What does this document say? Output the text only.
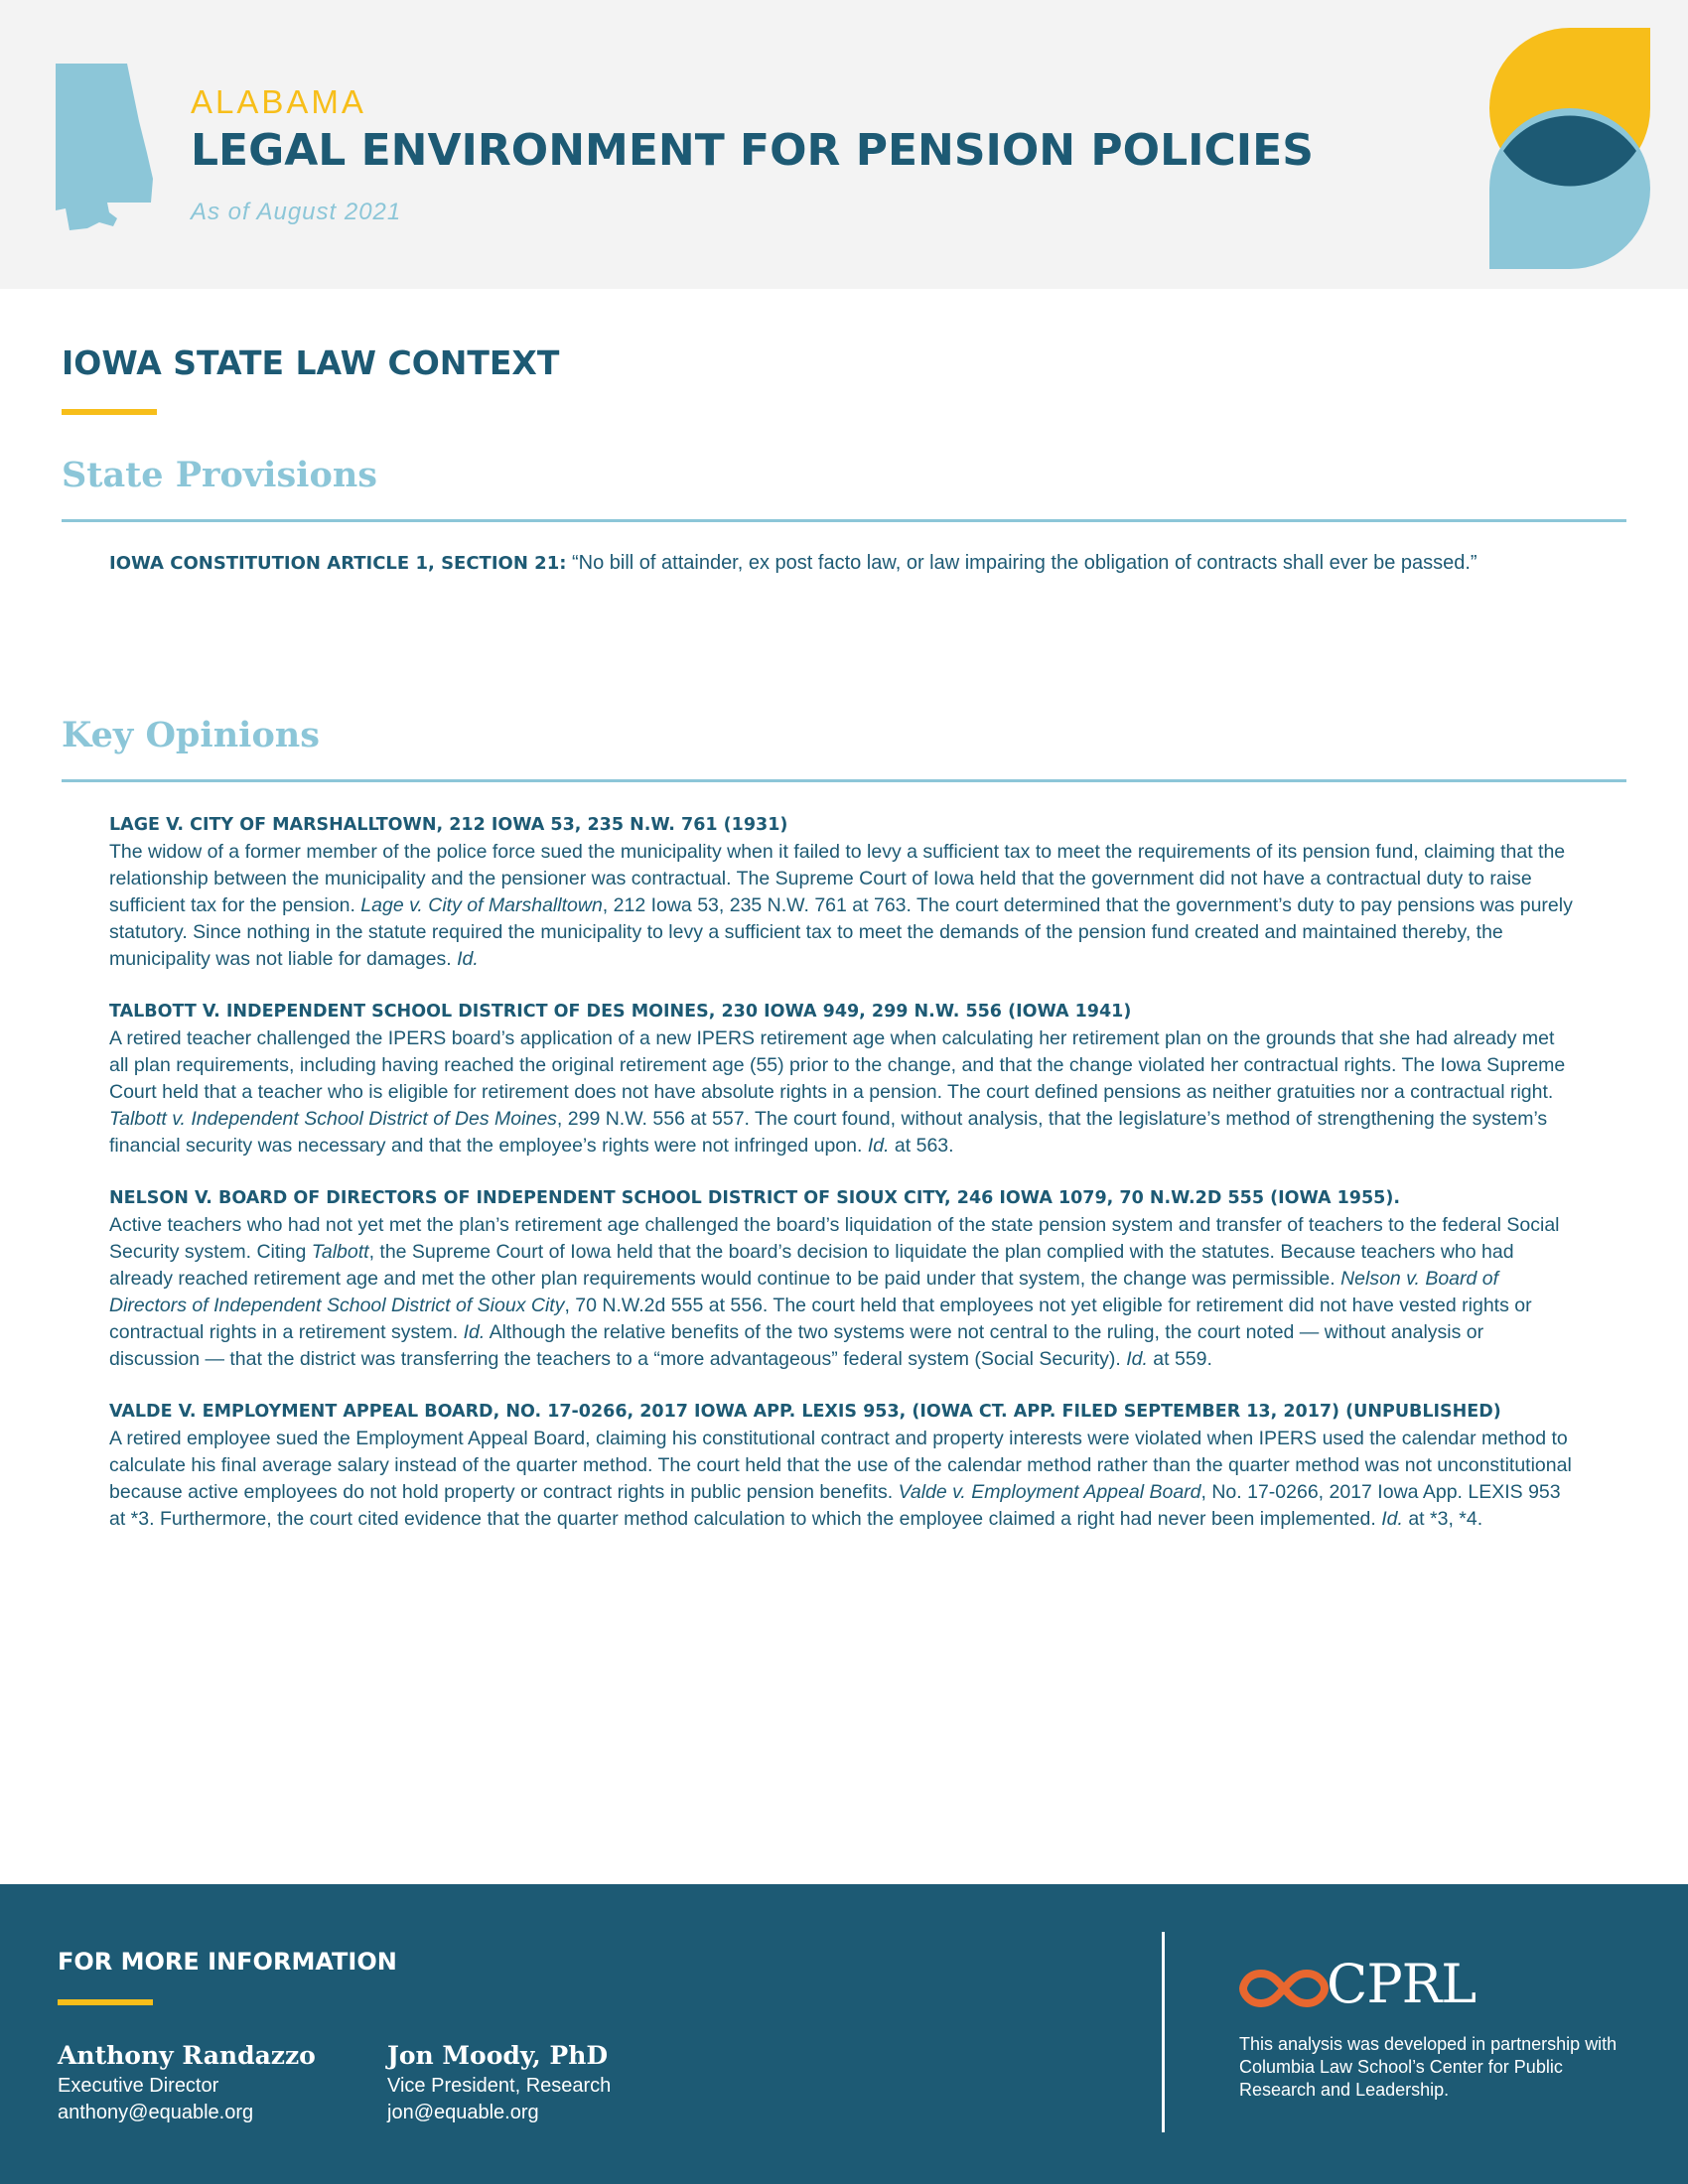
ALABAMA
LEGAL ENVIRONMENT FOR PENSION POLICIES
As of August 2021
IOWA STATE LAW CONTEXT
State Provisions
IOWA CONSTITUTION ARTICLE 1, SECTION 21: “No bill of attainder, ex post facto law, or law impairing the obligation of contracts shall ever be passed.”
Key Opinions
LAGE V. CITY OF MARSHALLTOWN, 212 IOWA 53, 235 N.W. 761 (1931)
The widow of a former member of the police force sued the municipality when it failed to levy a sufficient tax to meet the requirements of its pension fund, claiming that the relationship between the municipality and the pensioner was contractual. The Supreme Court of Iowa held that the government did not have a contractual duty to raise sufficient tax for the pension. Lage v. City of Marshalltown, 212 Iowa 53, 235 N.W. 761 at 763. The court determined that the government’s duty to pay pensions was purely statutory. Since nothing in the statute required the municipality to levy a sufficient tax to meet the demands of the pension fund created and maintained thereby, the municipality was not liable for damages. Id.
TALBOTT V. INDEPENDENT SCHOOL DISTRICT OF DES MOINES, 230 IOWA 949, 299 N.W. 556 (IOWA 1941)
A retired teacher challenged the IPERS board’s application of a new IPERS retirement age when calculating her retirement plan on the grounds that she had already met all plan requirements, including having reached the original retirement age (55) prior to the change, and that the change violated her contractual rights. The Iowa Supreme Court held that a teacher who is eligible for retirement does not have absolute rights in a pension. The court defined pensions as neither gratuities nor a contractual right. Talbott v. Independent School District of Des Moines, 299 N.W. 556 at 557. The court found, without analysis, that the legislature’s method of strengthening the system’s financial security was necessary and that the employee’s rights were not infringed upon. Id. at 563.
NELSON V. BOARD OF DIRECTORS OF INDEPENDENT SCHOOL DISTRICT OF SIOUX CITY, 246 IOWA 1079, 70 N.W.2D 555 (IOWA 1955).
Active teachers who had not yet met the plan’s retirement age challenged the board’s liquidation of the state pension system and transfer of teachers to the federal Social Security system. Citing Talbott, the Supreme Court of Iowa held that the board’s decision to liquidate the plan complied with the statutes. Because teachers who had already reached retirement age and met the other plan requirements would continue to be paid under that system, the change was permissible. Nelson v. Board of Directors of Independent School District of Sioux City, 70 N.W.2d 555 at 556. The court held that employees not yet eligible for retirement did not have vested rights or contractual rights in a retirement system. Id. Although the relative benefits of the two systems were not central to the ruling, the court noted — without analysis or discussion — that the district was transferring the teachers to a “more advantageous” federal system (Social Security). Id. at 559.
VALDE V. EMPLOYMENT APPEAL BOARD, NO. 17-0266, 2017 IOWA APP. LEXIS 953, (IOWA CT. APP. FILED SEPTEMBER 13, 2017) (UNPUBLISHED)
A retired employee sued the Employment Appeal Board, claiming his constitutional contract and property interests were violated when IPERS used the calendar method to calculate his final average salary instead of the quarter method. The court held that the use of the calendar method rather than the quarter method was not unconstitutional because active employees do not hold property or contract rights in public pension benefits. Valde v. Employment Appeal Board, No. 17-0266, 2017 Iowa App. LEXIS 953 at *3. Furthermore, the court cited evidence that the quarter method calculation to which the employee claimed a right had never been implemented. Id. at *3, *4.
FOR MORE INFORMATION
Anthony Randazzo
Executive Director
anthony@equable.org
Jon Moody, PhD
Vice President, Research
jon@equable.org
CPRL
This analysis was developed in partnership with Columbia Law School’s Center for Public Research and Leadership.
